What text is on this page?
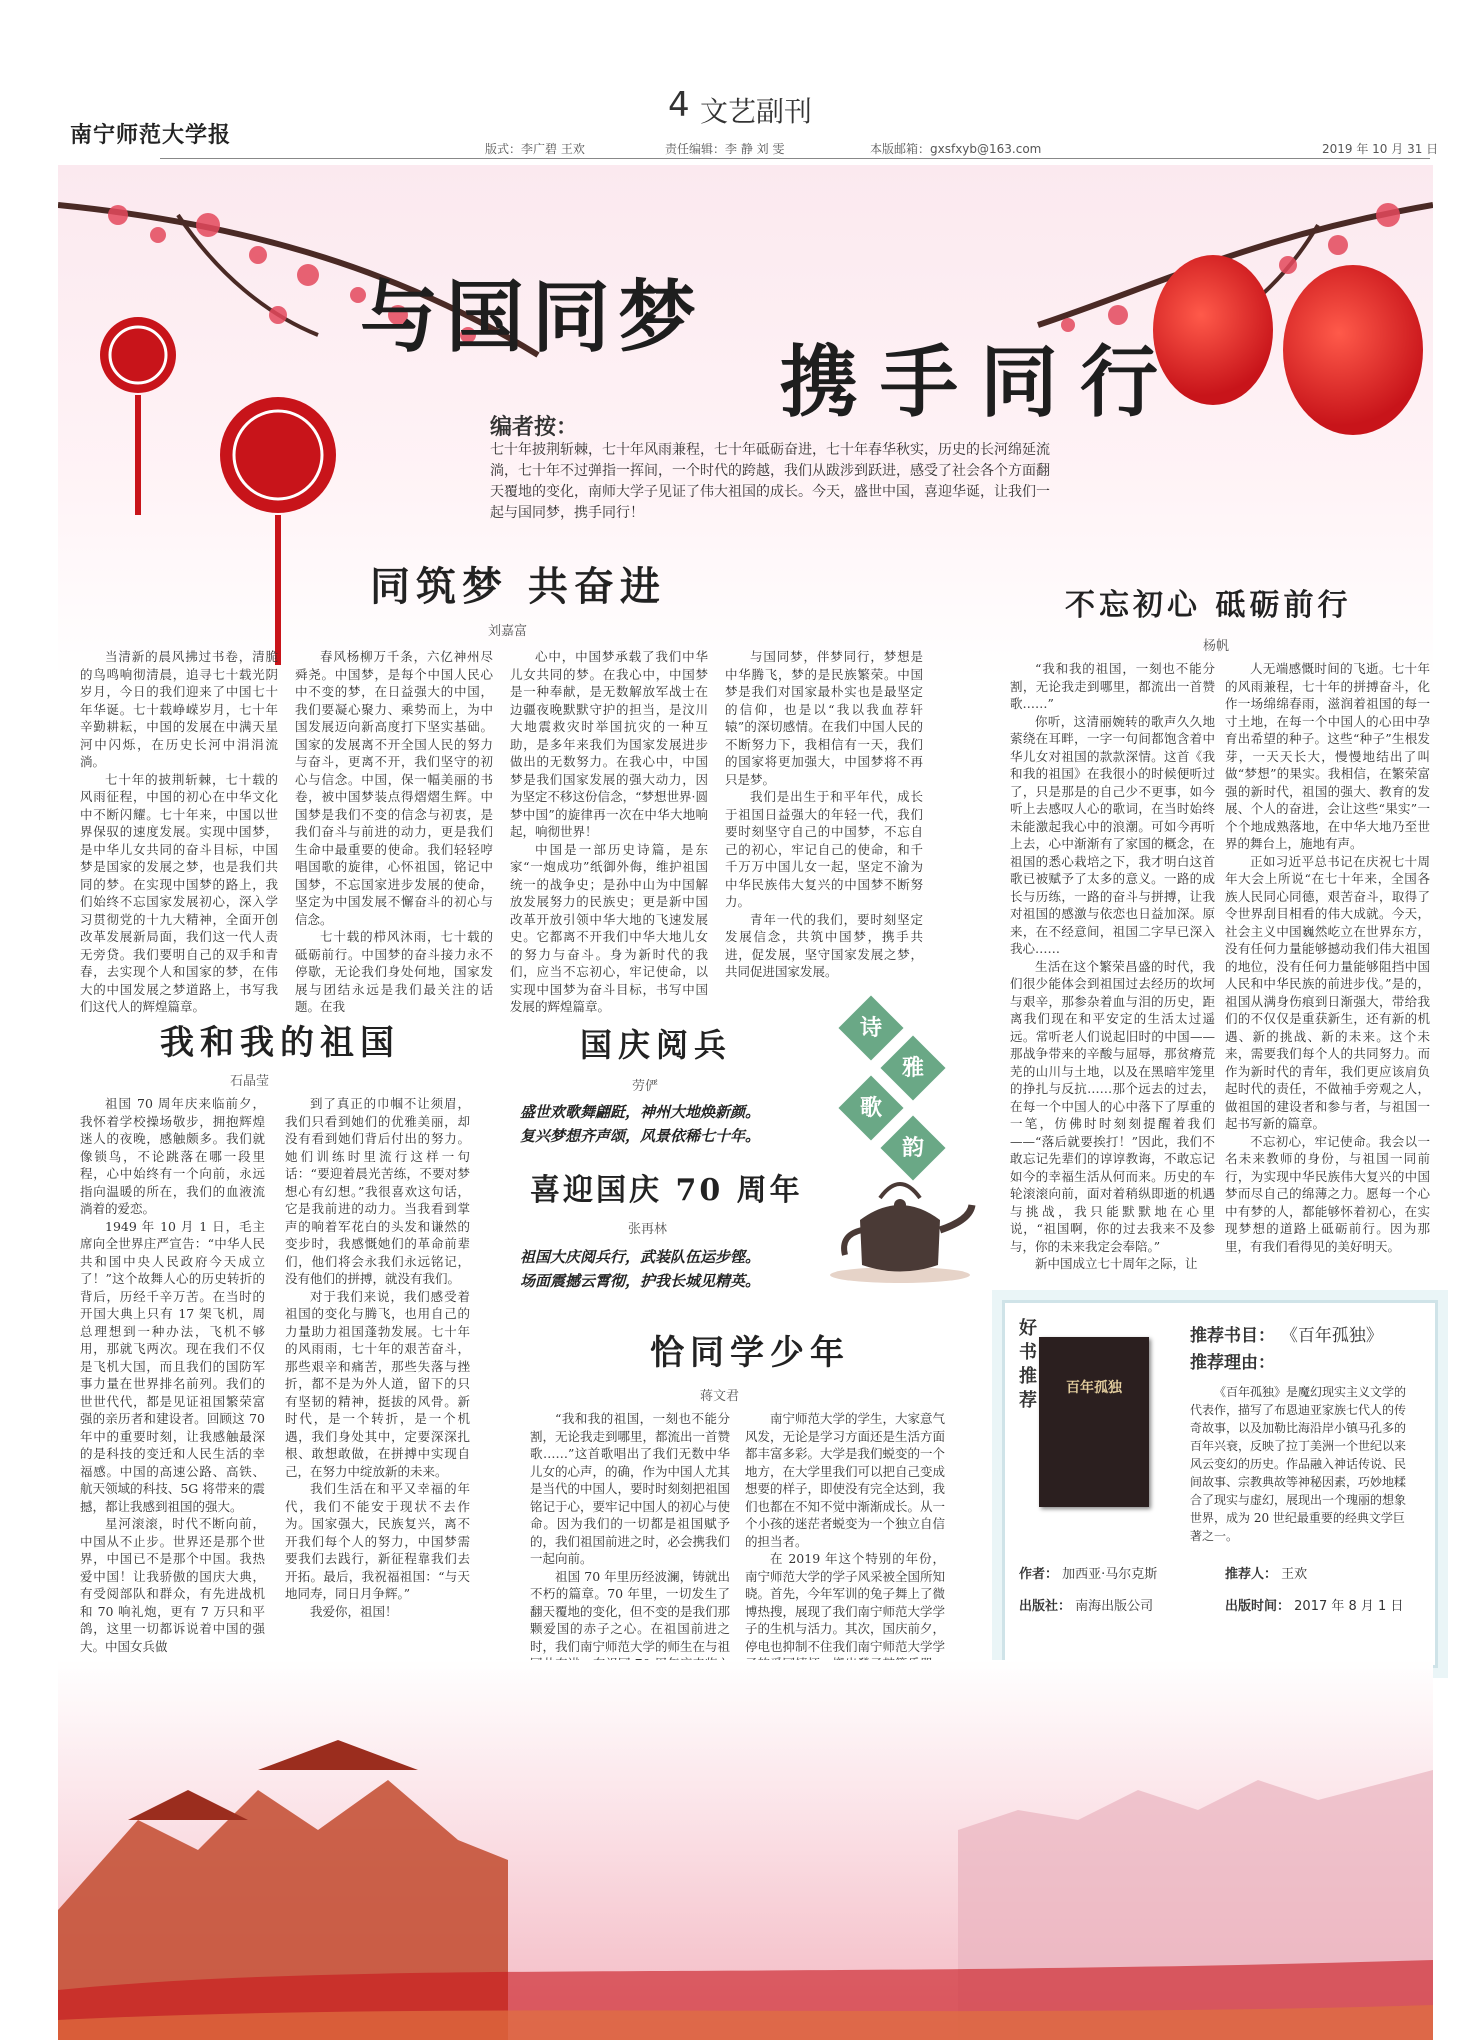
南宁师范大学报
4 文艺副刊
版式：李广碧 王欢	责任编辑：李 静 刘 雯	本版邮箱：gxsfxyb@163.com	2019 年 10 月 31 日
与国同梦
携手同行
编者按：
七十年披荆斩棘，七十年风雨兼程，七十年砥砺奋进，七十年春华秋实，历史的长河绵延流淌，七十年不过弹指一挥间，一个时代的跨越，我们从跋涉到跃进，感受了社会各个方面翻天覆地的变化，南师大学子见证了伟大祖国的成长。今天，盛世中国，喜迎华诞，让我们一起与国同梦，携手同行！
同筑梦 共奋进
刘嘉富

当清新的晨风拂过书卷，清脆的鸟鸣响彻清晨，追寻七十载光阴岁月，今日的我们迎来了中国七十年华诞。七十载峥嵘岁月，七十年辛勤耕耘，中国的发展在中满天星河中闪烁，在历史长河中涓涓流淌。

七十年的披荆斩棘，七十载的风雨征程，中国的初心在中华文化中不断闪耀。七十年来，中国以世界保驭的速度发展。实现中国梦，是中华儿女共同的奋斗目标，中国梦是国家的发展之梦，也是我们共同的梦。在实现中国梦的路上，我们始终不忘国家发展初心，深入学习贯彻党的十九大精神，全面开创改革发展新局面，我们这一代人责无旁贷。我们要明自己的双手和青春，去实现个人和国家的梦，在伟大的中国发展之梦道路上，书写我们这代人的辉煌篇章。

春风杨柳万千条，六亿神州尽舜尧。中国梦，是每个中国人民心中不变的梦，在日益强大的中国，我们要凝心聚力、乘势而上，为中国发展迈向新高度打下坚实基础。国家的发展离不开全国人民的努力与奋斗，更离不开，我们坚守的初心与信念。中国，保一幅美丽的书卷，被中国梦装点得熠熠生辉。中国梦是我们不变的信念与初衷，是我们奋斗与前进的动力，更是我们生命中最重要的使命。我们轻轻哼唱国歌的旋律，心怀祖国，铭记中国梦，不忘国家进步发展的使命，坚定为中国发展不懈奋斗的初心与信念。

七十载的栉风沐雨，七十载的砥砺前行。中国梦的奋斗接力永不停歇，无论我们身处何地，国家发展与团结永远是我们最关注的话题。在我

心中，中国梦承载了我们中华儿女共同的梦。在我心中，中国梦是一种奉献，是无数解放军战士在边疆夜晚默默守护的担当，是汶川大地震救灾时举国抗灾的一种互助，是多年来我们为国家发展进步做出的无数努力。在我心中，中国梦是我们国家发展的强大动力，因为坚定不移这份信念，“梦想世界·圆梦中国”的旋律再一次在中华大地响起，响彻世界！

中国是一部历史诗篇，是东家“一炮成功”纸御外侮，维护祖国统一的战争史；是孙中山为中国解放发展努力的民族史；更是新中国改革开放引领中华大地的飞速发展史。它都离不开我们中华大地儿女的努力与奋斗。身为新时代的我们，应当不忘初心，牢记使命，以实现中国梦为奋斗目标，书写中国发展的辉煌篇章。

与国同梦，伴梦同行，梦想是中华腾飞，梦的是民族繁荣。中国梦是我们对国家最朴实也是最坚定的信仰，也是以“我以我血荐轩辕”的深切感情。在我们中国人民的不断努力下，我相信有一天，我们的国家将更加强大，中国梦将不再只是梦。

我们是出生于和平年代，成长于祖国日益强大的年轻一代，我们要时刻坚守自己的中国梦，不忘自己的初心，牢记自己的使命，和千千万万中国儿女一起，坚定不渝为中华民族伟大复兴的中国梦不断努力。

青年一代的我们，要时刻坚定发展信念，共筑中国梦，携手共进，促发展，坚守国家发展之梦，共同促进国家发展。

不忘初心 砥砺前行
杨帆

“我和我的祖国，一刻也不能分割，无论我走到哪里，都流出一首赞歌……”

你听，这清丽婉转的歌声久久地萦绕在耳畔，一字一句间都饱含着中华儿女对祖国的款款深情。这首《我和我的祖国》在我很小的时候便听过了，只是那是的自己少不更事，如今听上去感叹人心的歌词，在当时始终未能激起我心中的浪潮。可如今再听上去，心中渐渐有了家国的概念，在祖国的悉心栽培之下，我才明白这首歌已被赋予了太多的意义。一路的成长与历练，一路的奋斗与拼搏，让我对祖国的感激与依恋也日益加深。原来，在不经意间，祖国二字早已深入我心……

生活在这个繁荣昌盛的时代，我们很少能体会到祖国过去经历的坎坷与艰辛，那参杂着血与泪的历史，距离我们现在和平安定的生活太过遥远。常听老人们说起旧时的中国——那战争带来的辛酸与屈辱，那贫瘠荒芜的山川与土地，以及在黑暗牢笼里的挣扎与反抗……那个远去的过去，在每一个中国人的心中落下了厚重的一笔，仿佛时时刻刻提醒着我们——“落后就要挨打！”因此，我们不敢忘记先辈们的谆谆教诲，不敢忘记如今的幸福生活从何而来。历史的车轮滚滚向前，面对着稍纵即逝的机遇与挑战，我只能默默地在心里说，“祖国啊，你的过去我来不及参与，你的未来我定会奉陪。”

新中国成立七十周年之际，让

人无端感慨时间的飞逝。七十年的风雨兼程，七十年的拼搏奋斗，化作一场绵绵春雨，滋润着祖国的每一寸土地，在每一个中国人的心田中孕育出希望的种子。这些“种子”生根发芽，一天天长大，慢慢地结出了叫做“梦想”的果实。我相信，在繁荣富强的新时代，祖国的强大、教育的发展、个人的奋进，会让这些“果实”一个个地成熟落地，在中华大地乃至世界的舞台上，施地有声。

正如习近平总书记在庆祝七十周年大会上所说“在七十年来，全国各族人民同心同德，艰苦奋斗，取得了令世界刮目相看的伟大成就。今天，社会主义中国巍然屹立在世界东方，没有任何力量能够撼动我们伟大祖国的地位，没有任何力量能够阻挡中国人民和中华民族的前进步伐。”是的，祖国从满身伤痕到日渐强大，带给我们的不仅仅是重获新生，还有新的机遇、新的挑战、新的未来。这个未来，需要我们每个人的共同努力。而作为新时代的青年，我们更应该肩负起时代的责任，不做袖手旁观之人，做祖国的建设者和参与者，与祖国一起书写新的篇章。

不忘初心，牢记使命。我会以一名未来教师的身份，与祖国一同前行，为实现中华民族伟大复兴的中国梦而尽自己的绵薄之力。愿每一个心中有梦的人，都能够怀着初心，在实现梦想的道路上砥砺前行。因为那里，有我们看得见的美好明天。

我和我的祖国
石晶莹

祖国 70 周年庆来临前夕，我怀着学校操场敬步，拥抱辉煌迷人的夜晚，感触颇多。我们就像锁鸟，不论跳落在哪一段里程，心中始终有一个向前，永远指向温暖的所在，我们的血液流淌着的爱恋。

1949 年 10 月 1 日，毛主席向全世界庄严宣告：“中华人民共和国中央人民政府今天成立了！”这个故舞人心的历史转折的背后，历经千辛万苦。在当时的开国大典上只有 17 架飞机，周总理想到一种办法，飞机不够用，那就飞两次。现在我们不仅是飞机大国，而且我们的国防军事力量在世界排名前列。我们的世世代代，都是见证祖国繁荣富强的亲历者和建设者。回顾这 70 年中的重要时刻，让我感触最深的是科技的变迁和人民生活的幸福感。中国的高速公路、高铁、航天领域的科技、5G 将带来的震撼，都让我感到祖国的强大。

星河滚滚，时代不断向前，中国从不止步。世界还是那个世界，中国已不是那个中国。我热爱中国！让我骄傲的国庆大典，有受阅部队和群众，有先进战机和 70 响礼炮，更有 7 万只和平鸽，这里一切都诉说着中国的强大。中国女兵做

到了真正的巾帼不让须眉，我们只看到她们的优雅美丽，却没有看到她们背后付出的努力。她们训练时里流行这样一句话：“要迎着晨光苦练，不要对梦想心有幻想。”我很喜欢这句话，它是我前进的动力。当我看到掌声的响着军花白的头发和谦然的变步时，我感慨她们的革命前辈们，他们将会永我们永远铭记，没有他们的拼搏，就没有我们。

对于我们来说，我们感受着祖国的变化与腾飞，也用自己的力量助力祖国蓬勃发展。七十年的风雨雨，七十年的艰苦奋斗，那些艰辛和痛苦，那些失落与挫折，都不是为外人道，留下的只有坚韧的精神，挺拔的风骨。新时代，是一个转折，是一个机遇，我们身处其中，定要深深扎根、敢想敢做，在拼搏中实现自己，在努力中绽放新的未来。

我们生活在和平又幸福的年代，我们不能安于现状不去作为。国家强大，民族复兴，离不开我们每个人的努力，中国梦需要我们去践行，新征程靠我们去开拓。最后，我祝福祖国：“与天地同寿，同日月争辉。”

我爱你，祖国！

诗
雅
歌
韵
国庆阅兵
劳俨
盛世欢歌舞翩跹，神州大地焕新颜。
复兴梦想齐声颂，风景依稀七十年。
喜迎国庆 70 周年
张再林
祖国大庆阅兵行，武装队伍运步铿。
场面震撼云霄彻，护我长城见精英。
恰同学少年
蒋文君

“我和我的祖国，一刻也不能分割，无论我走到哪里，都流出一首赞歌……”这首歌唱出了我们无数中华儿女的心声，的确，作为中国人尤其是当代的中国人，要时时刻刻把祖国铭记于心，要牢记中国人的初心与使命。因为我们的一切都是祖国赋予的，我们祖国前进之时，必会携我们一起向前。

祖国 70 年里历经波澜，铸就出不朽的篇章。70 年里，一切发生了翻天覆地的变化，但不变的是我们那颗爱国的赤子之心。在祖国前进之时，我们南宁师范大学的师生在与祖

南宁师范大学的学生，大家意气风发，无论是学习方面还是生活方面都丰富多彩。大学是我们蜕变的一个地方，在大学里我们可以把自己变成想要的样子，即使没有完全达到，我们也都在不知不觉中渐渐成长。从一个小孩的迷茫者蜕变为一个独立自信的担当者。

在 2019 年这个特别的年份，南宁师范大学的学子风采被全国所知晓。首先，今年军训的兔子舞上了微博热搜，展现了我们南宁师范大学学子的生机与活力。其次，国庆前夕，停电也抑制不住我们南宁师范大学学

百年孤独
好
书
推
荐
推荐书目： 《百年孤独》
推荐理由：
《百年孤独》是魔幻现实主义文学的代表作，描写了布恩迪亚家族七代人的传奇故事，以及加勒比海沿岸小镇马孔多的百年兴衰，反映了拉丁美洲一个世纪以来风云变幻的历史。作品融入神话传说、民间故事、宗教典故等神秘因素，巧妙地糅合了现实与虚幻，展现出一个瑰丽的想象世界，成为 20 世纪最重要的经典文学巨著之一。
作者： 加西亚·马尔克斯	推荐人： 王欢
出版社： 南海出版公司	出版时间： 2017 年 8 月 1 日
